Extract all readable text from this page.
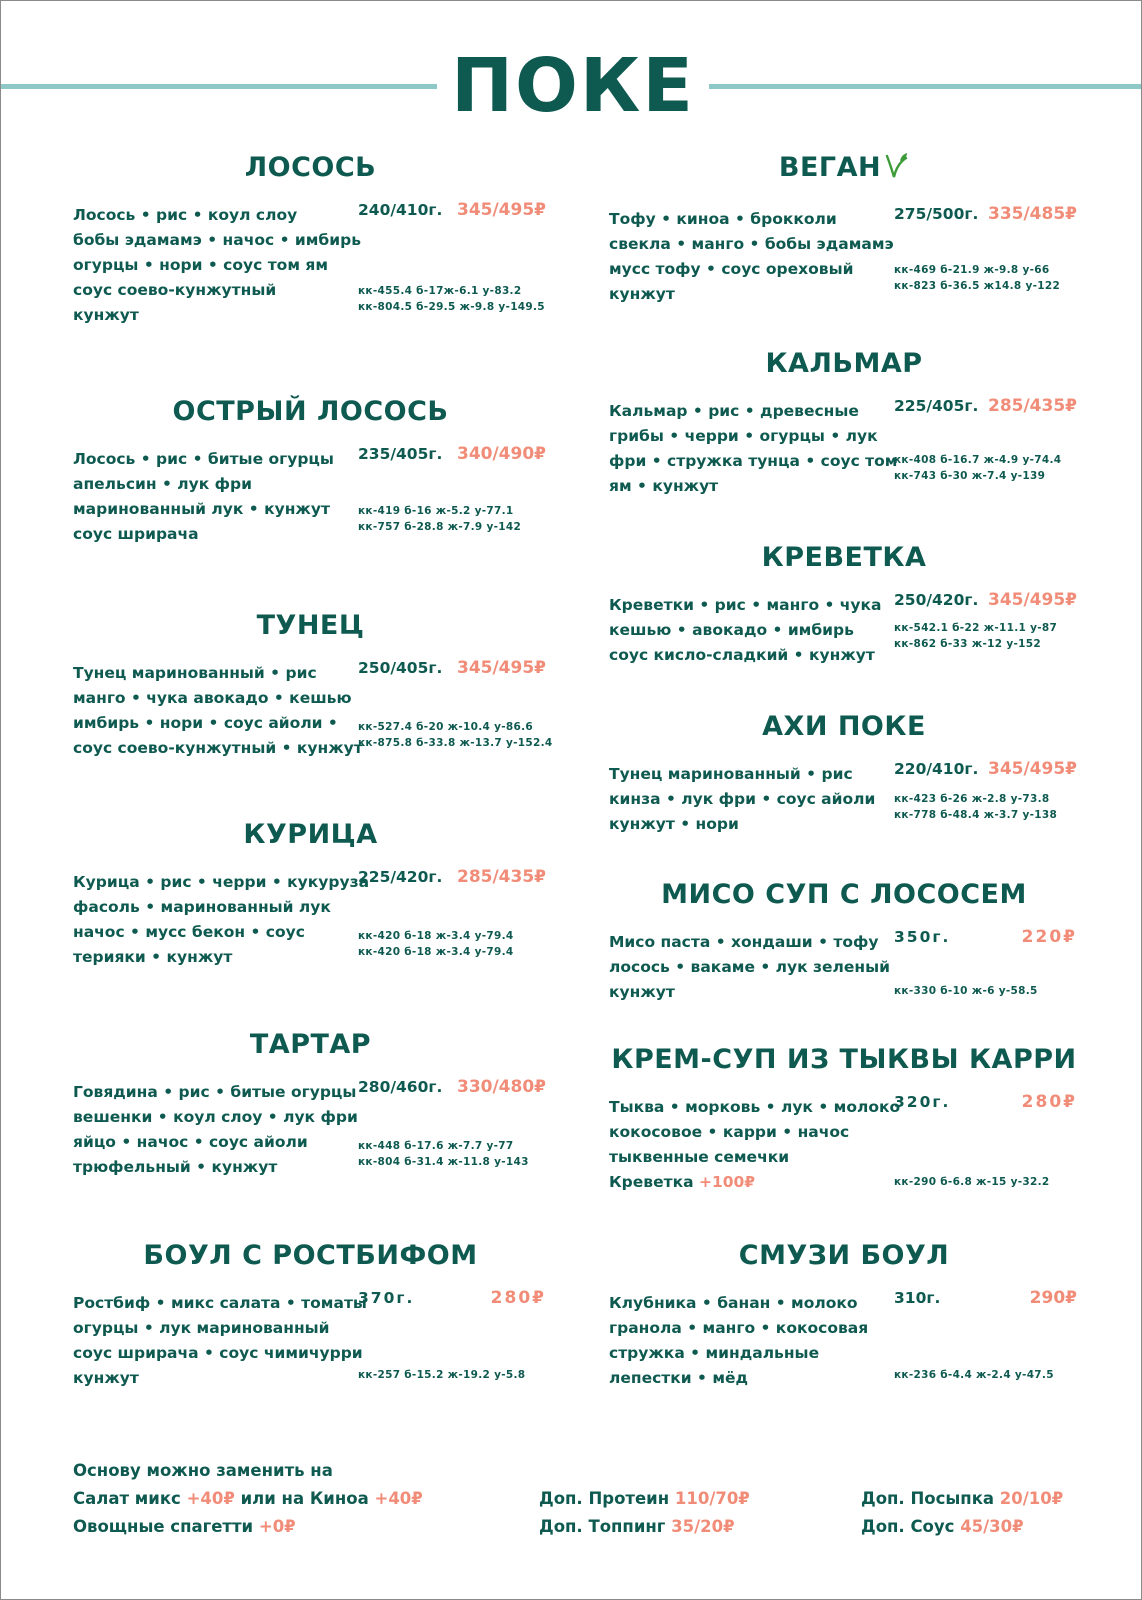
ПОКЕ
ЛОСОСЬ
Лосось • рис • коул слоу
бобы эдамамэ • начос • имбирь
огурцы • нори • соус том ям
соус соево-кунжутный
кунжут
240/410г. 345/495₽
кк-455.4 б-17ж-6.1 у-83.2
кк-804.5 б-29.5 ж-9.8 у-149.5
ОСТРЫЙ ЛОСОСЬ
Лосось • рис • битые огурцы
апельсин • лук фри
маринованный лук • кунжут
соус шрирача
235/405г. 340/490₽
кк-419 б-16 ж-5.2 у-77.1
кк-757 б-28.8 ж-7.9 у-142
ТУНЕЦ
Тунец маринованный • рис
манго • чука авокадо • кешью
имбирь • нори • соус айоли •
соус соево-кунжутный • кунжут
250/405г. 345/495₽
кк-527.4 б-20 ж-10.4 у-86.6
кк-875.8 б-33.8 ж-13.7 у-152.4
КУРИЦА
Курица • рис • черри • кукуруза
фасоль • маринованный лук
начос • мусс бекон • соус
терияки • кунжут
225/420г. 285/435₽
кк-420 б-18 ж-3.4 у-79.4
кк-420 б-18 ж-3.4 у-79.4
ТАРТАР
Говядина • рис • битые огурцы
вешенки • коул слоу • лук фри
яйцо • начос • соус айоли
трюфельный • кунжут
280/460г. 330/480₽
кк-448 б-17.6 ж-7.7 у-77
кк-804 б-31.4 ж-11.8 у-143
БОУЛ С РОСТБИФОМ
Ростбиф • микс салата • томаты
огурцы • лук маринованный
соус шрирача • соус чимичурри
кунжут
370г.	280₽
кк-257 б-15.2 ж-19.2 у-5.8
ВЕГАН
Тофу • киноа • брокколи
свекла • манго • бобы эдамамэ
мусс тофу • соус ореховый
кунжут
275/500г. 335/485₽
кк-469 б-21.9 ж-9.8 у-66
кк-823 б-36.5 ж14.8 у-122
КАЛЬМАР
Кальмар • рис • древесные
грибы • черри • огурцы • лук
фри • стружка тунца • соус том
ям • кунжут
225/405г. 285/435₽
кк-408 б-16.7 ж-4.9 у-74.4
кк-743 б-30 ж-7.4 у-139
КРЕВЕТКА
Креветки • рис • манго • чука
кешью • авокадо • имбирь
соус кисло-сладкий • кунжут
250/420г. 345/495₽
кк-542.1 б-22 ж-11.1 у-87
кк-862 б-33 ж-12 у-152
АХИ ПОКЕ
Тунец маринованный • рис
кинза • лук фри • соус айоли
кунжут • нори
220/410г. 345/495₽
кк-423 б-26 ж-2.8 у-73.8
кк-778 б-48.4 ж-3.7 у-138
МИСО СУП С ЛОСОСЕМ
Мисо паста • хондаши • тофу
лосось • вакаме • лук зеленый
кунжут
350г.	220₽
кк-330 б-10 ж-6 у-58.5
КРЕМ-СУП ИЗ ТЫКВЫ КАРРИ
Тыква • морковь • лук • молоко
кокосовое • карри • начос
тыквенные семечки
Креветка +100₽
320г.	280₽
кк-290 б-6.8 ж-15 у-32.2
СМУЗИ БОУЛ
Клубника • банан • молоко
гранола • манго • кокосовая
стружка • миндальные
лепестки • мёд
310г.	290₽
кк-236 б-4.4 ж-2.4 у-47.5
Основу можно заменить на
Салат микс +40₽ или на Киноа +40₽
Овощные спагетти +0₽
Доп. Протеин 110/70₽
Доп. Топпинг 35/20₽
Доп. Посыпка 20/10₽
Доп. Соус 45/30₽
